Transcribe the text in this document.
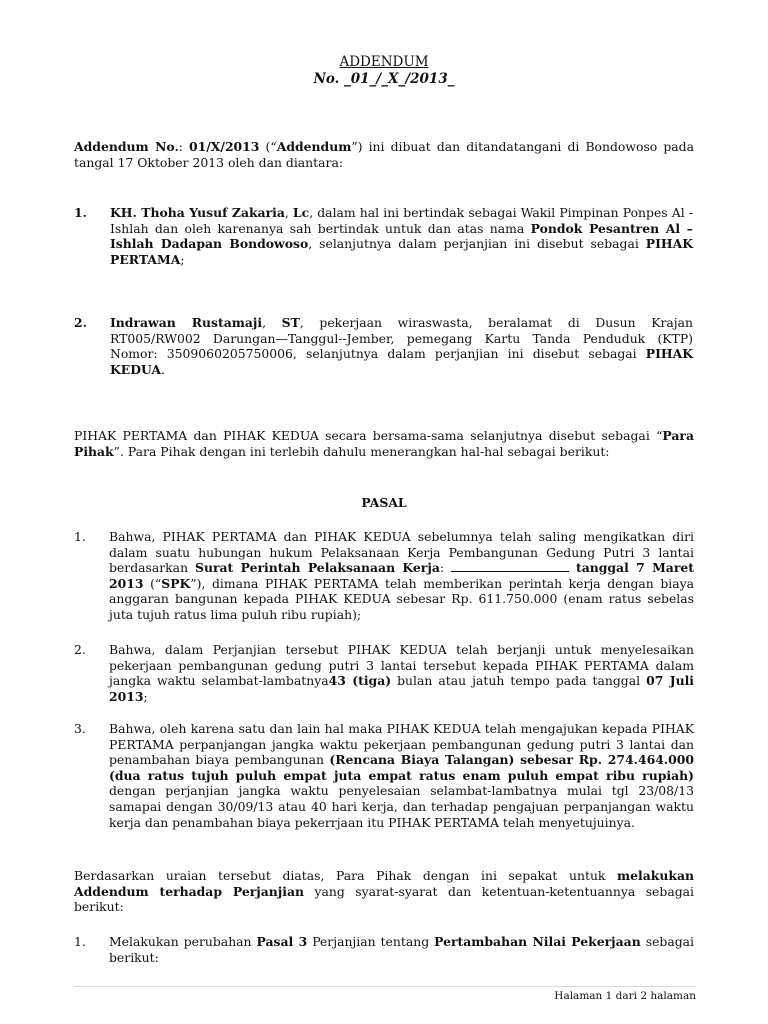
ADDENDUM
No. _01_/_X_/2013_
Addendum No.: 01/X/2013 (“Addendum”) ini dibuat dan ditandatangani di Bondowoso pada tangal 17 Oktober 2013 oleh dan diantara:
1. KH. Thoha Yusuf Zakaria, Lc, dalam hal ini bertindak sebagai Wakil Pimpinan Ponpes Al - Ishlah dan oleh karenanya sah bertindak untuk dan atas nama Pondok Pesantren Al – Ishlah Dadapan Bondowoso, selanjutnya dalam perjanjian ini disebut sebagai PIHAK PERTAMA;
2. Indrawan Rustamaji, ST, pekerjaan wiraswasta, beralamat di Dusun Krajan RT005/RW002 Darungan—Tanggul--Jember, pemegang Kartu Tanda Penduduk (KTP) Nomor: 3509060205750006, selanjutnya dalam perjanjian ini disebut sebagai PIHAK KEDUA.
PIHAK PERTAMA dan PIHAK KEDUA secara bersama-sama selanjutnya disebut sebagai “Para Pihak”. Para Pihak dengan ini terlebih dahulu menerangkan hal-hal sebagai berikut:
PASAL
1. Bahwa, PIHAK PERTAMA dan PIHAK KEDUA sebelumnya telah saling mengikatkan diri dalam suatu hubungan hukum Pelaksanaan Kerja Pembangunan Gedung Putri 3 lantai berdasarkan Surat Perintah Pelaksanaan Kerja:	tanggal 7 Maret 2013 (“SPK”), dimana PIHAK PERTAMA telah memberikan perintah kerja dengan biaya anggaran bangunan kepada PIHAK KEDUA sebesar Rp. 611.750.000 (enam ratus sebelas juta tujuh ratus lima puluh ribu rupiah);
2. Bahwa, dalam Perjanjian tersebut PIHAK KEDUA telah berjanji untuk menyelesaikan pekerjaan pembangunan gedung putri 3 lantai tersebut kepada PIHAK PERTAMA dalam jangka waktu selambat-lambatnya43 (tiga) bulan atau jatuh tempo pada tanggal 07 Juli 2013;
3. Bahwa, oleh karena satu dan lain hal maka PIHAK KEDUA telah mengajukan kepada PIHAK PERTAMA perpanjangan jangka waktu pekerjaan pembangunan gedung putri 3 lantai dan penambahan biaya pembangunan (Rencana Biaya Talangan) sebesar Rp. 274.464.000 (dua ratus tujuh puluh empat juta empat ratus enam puluh empat ribu rupiah) dengan perjanjian jangka waktu penyelesaian selambat-lambatnya mulai tgl 23/08/13 samapai dengan 30/09/13 atau 40 hari kerja, dan terhadap pengajuan perpanjangan waktu kerja dan penambahan biaya pekerrjaan itu PIHAK PERTAMA telah menyetujuinya.
Berdasarkan uraian tersebut diatas, Para Pihak dengan ini sepakat untuk melakukan Addendum terhadap Perjanjian yang syarat-syarat dan ketentuan-ketentuannya sebagai berikut:
1. Melakukan perubahan Pasal 3 Perjanjian tentang Pertambahan Nilai Pekerjaan sebagai berikut:
Halaman 1 dari 2 halaman
